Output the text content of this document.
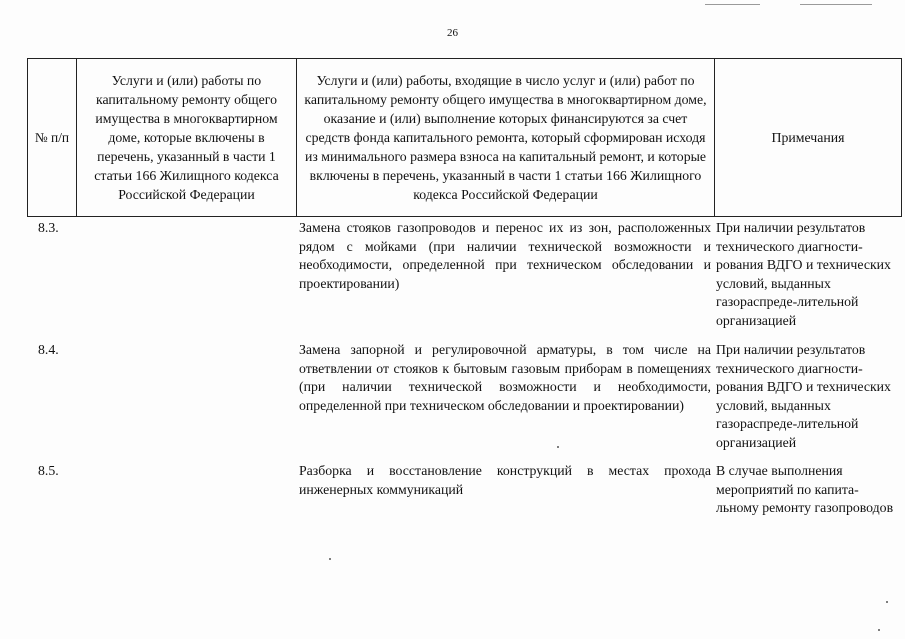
26
№ п/п	Услуги и (или) работы по капитальному ремонту общего имущества в многоквартирном доме, которые включены в перечень, указанный в части 1 статьи 166 Жилищного кодекса Российской Федерации	Услуги и (или) работы, входящие в число услуг и (или) работ по капитальному ремонту общего имущества в многоквартирном доме, оказание и (или) выполнение которых финансируются за счет средств фонда капитального ремонта, который сформирован исходя из минимального размера взноса на капитальный ремонт, и которые включены в перечень, указанный в части 1 статьи 166 Жилищного кодекса Российской Федерации	Примечания
8.3.		Замена стояков газопроводов и перенос их из зон, расположенных рядом с мойками (при наличии технической возможности и необходимости, определенной при техническом обследовании и проектировании)	При наличии результатов технического диагности-рования ВДГО и технических условий, выданных газораспреде-лительной организацией
8.4.		Замена запорной и регулировочной арматуры, в том числе на ответвлении от стояков к бытовым газовым приборам в помещениях (при наличии технической возможности и необходимости, определенной при техническом обследовании и проектировании)	При наличии результатов технического диагности-рования ВДГО и технических условий, выданных газораспреде-лительной организацией
8.5.		Разборка и восстановление конструкций в местах прохода инженерных коммуникаций	В случае выполнения мероприятий по капита-льному ремонту газопроводов
